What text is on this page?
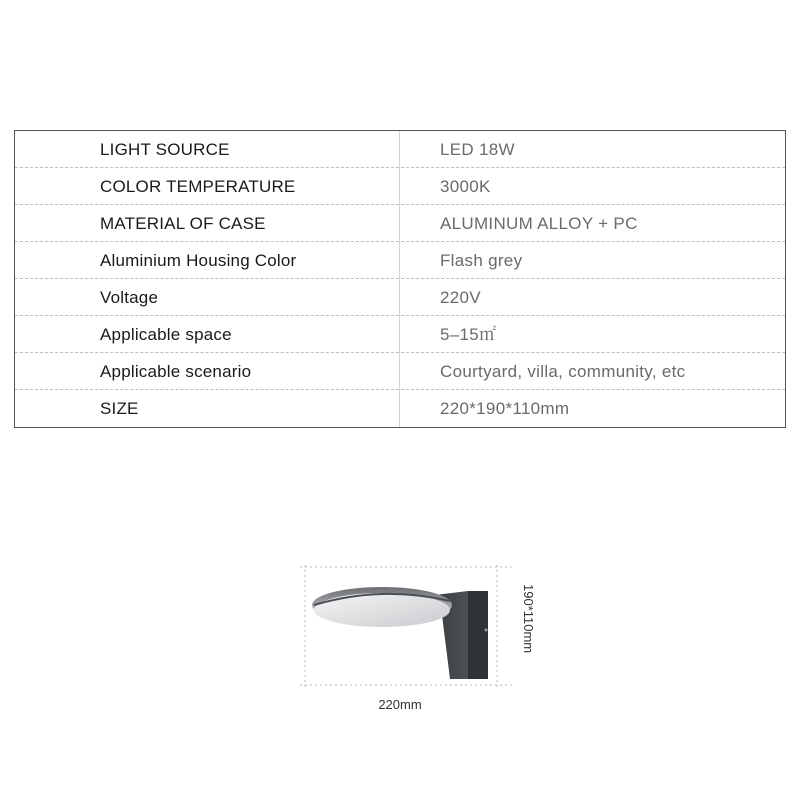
LIGHT SOURCE	LED 18W
COLOR TEMPERATURE	3000K
MATERIAL OF CASE	ALUMINUM ALLOY + PC
Aluminium Housing Color	Flash grey
Voltage	220V
Applicable space	5–15㎡
Applicable scenario	Courtyard, villa, community, etc
SIZE	220*190*110mm
220mm
190*110mm
